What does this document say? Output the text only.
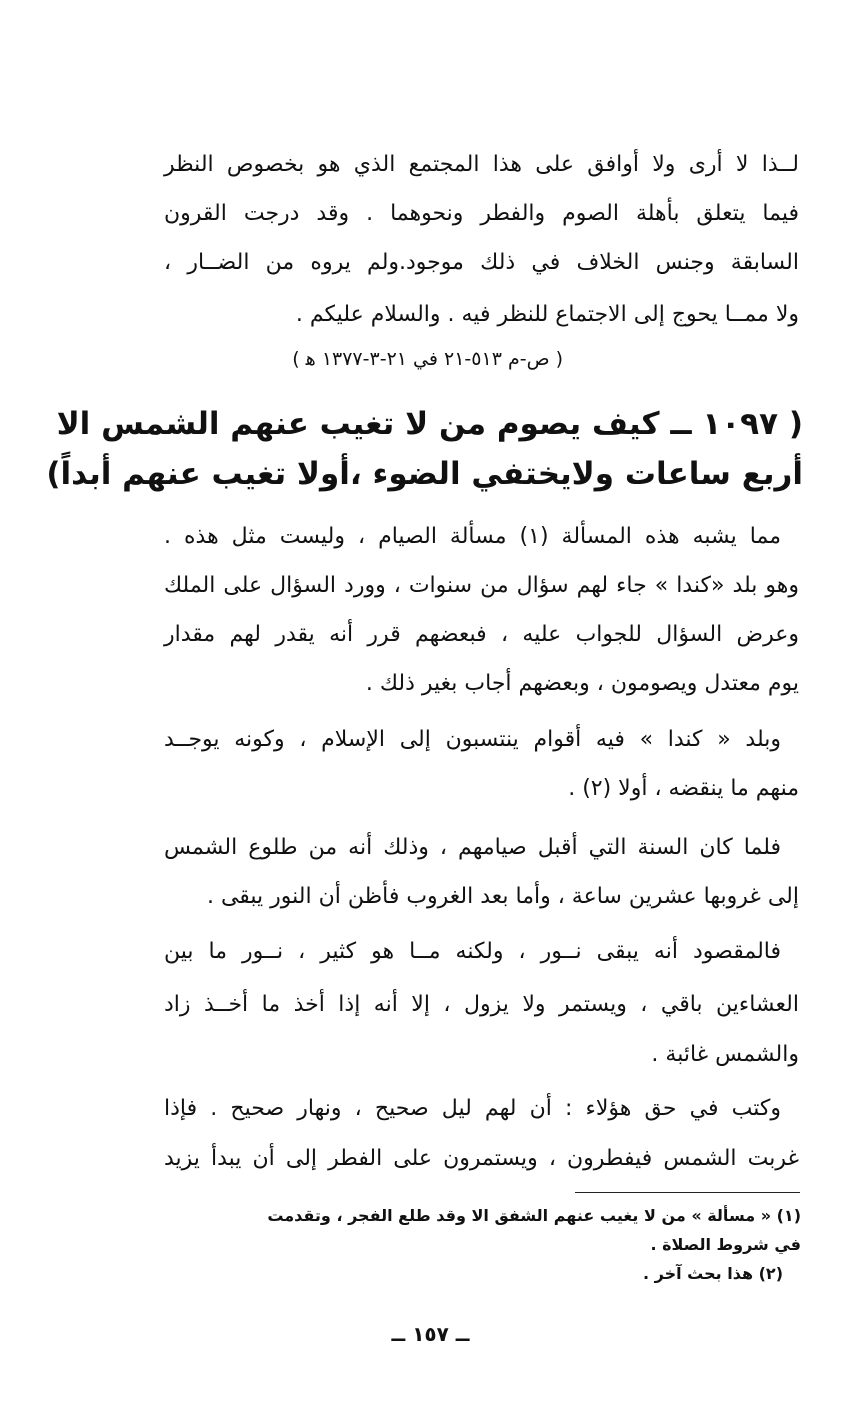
لــذا لا أرى ولا أوافق على هذا المجتمع الذي هو بخصوص النظر
فيما يتعلق بأهلة الصوم والفطر ونحوهما . وقد درجت القرون
السابقة وجنس الخلاف في ذلك موجود.ولم يروه من الضــار ،
ولا ممــا يحوج إلى الاجتماع للنظر فيه . والسلام عليكم .
( ص-م ٥١٣-٢١ في ٢١-٣-١٣٧٧ ﻫ )
( ١٠٩٧ ــ كيف يصوم من لا تغيب عنهم الشمس الا
أربع ساعات ولايختفي الضوء ،أولا تغيب عنهم أبداً)
مما يشبه هذه المسألة (١) مسألة الصيام ، وليست مثل هذه .
وهو بلد «كندا » جاء لهم سؤال من سنوات ، وورد السؤال على الملك
وعرض السؤال للجواب عليه ، فبعضهم قرر أنه يقدر لهم مقدار
يوم معتدل ويصومون ، وبعضهم أجاب بغير ذلك .
وبلد « كندا » فيه أقوام ينتسبون إلى الإسلام ، وكونه يوجــد
منهم ما ينقضه ، أولا (٢) .
فلما كان السنة التي أقبل صيامهم ، وذلك أنه من طلوع الشمس
إلى غروبها عشرين ساعة ، وأما بعد الغروب فأظن أن النور يبقى .
فالمقصود أنه يبقى نــور ، ولكنه مــا هو كثير ، نــور ما بين
العشاءين باقي ، ويستمر ولا يزول ، إلا أنه إذا أخذ ما أخــذ زاد
والشمس غائبة .
وكتب في حق هؤلاء : أن لهم ليل صحيح ، ونهار صحيح . فإذا
غربت الشمس فيفطرون ، ويستمرون على الفطر إلى أن يبدأ يزيد
(١) « مسألة » من لا يغيب عنهم الشفق الا وقد طلع الفجر ، وتقدمت
في شروط الصلاة .
(٢) هذا بحث آخر .
ــ ١٥٧ ــ
